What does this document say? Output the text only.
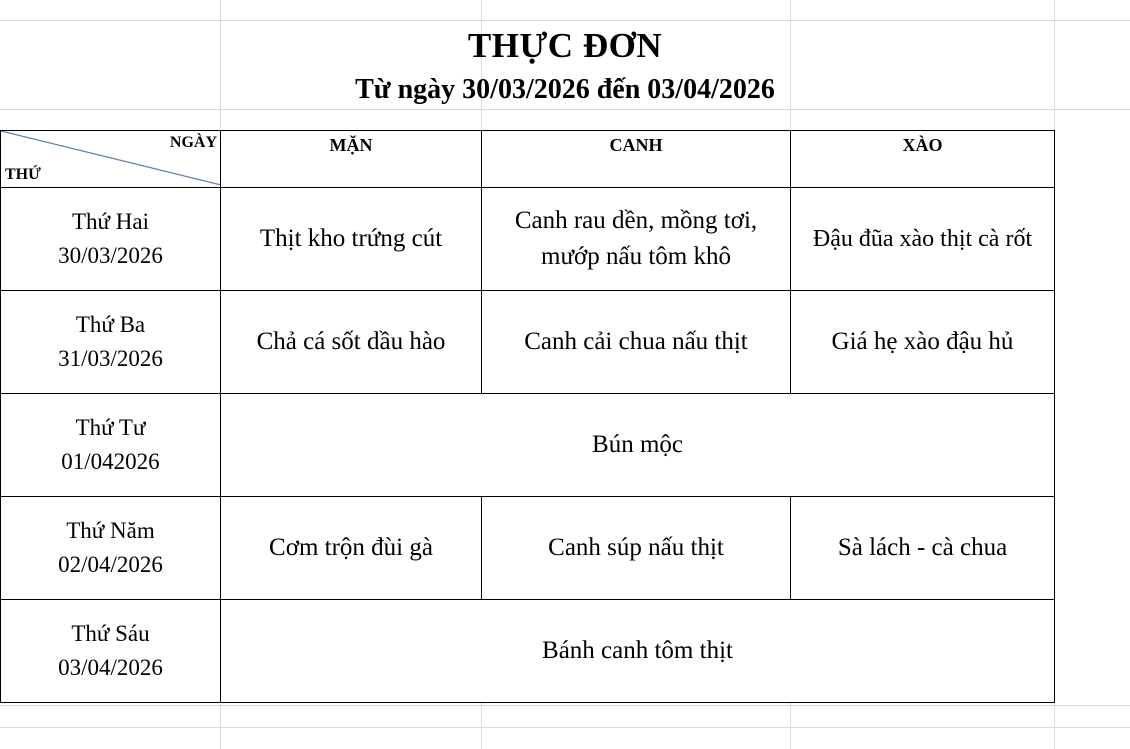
THỰC ĐƠN
Từ ngày 30/03/2026 đến 03/04/2026
NGÀY
THỨ	MẶN	CANH	XÀO

Thứ Hai
30/03/2026	Thịt kho trứng cút	Canh rau dền, mồng tơi, mướp nấu tôm khô	Đậu đũa xào thịt cà rốt

Thứ Ba
31/03/2026	Chả cá sốt dầu hào	Canh cải chua nấu thịt	Giá hẹ xào đậu hủ

Thứ Tư
01/042026	Bún mộc		

Thứ Năm
02/04/2026	Cơm trộn đùi gà	Canh súp nấu thịt	Sà lách - cà chua

Thứ Sáu
03/04/2026	Bánh canh tôm thịt		
